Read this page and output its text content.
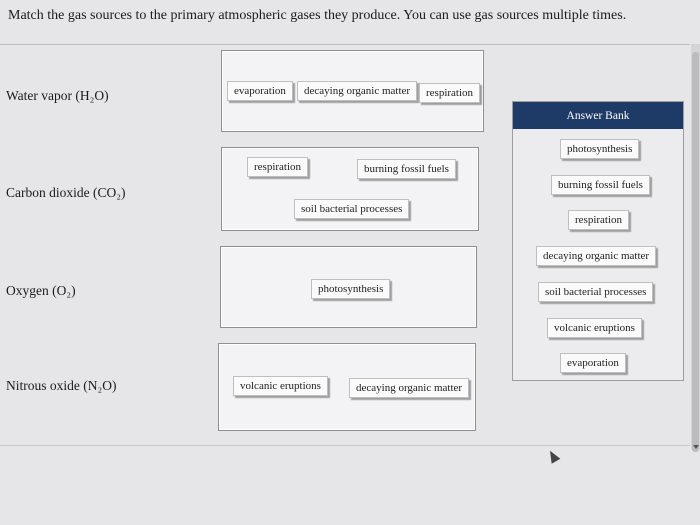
Match the gas sources to the primary atmospheric gases they produce. You can use gas sources multiple times.
Water vapor (H₂O)	evaporation	decaying organic matter	respiration
Carbon dioxide (CO₂)
respiration	burning fossil fuels
soil bacterial processes
Oxygen (O₂)	photosynthesis
Nitrous oxide (N₂O)	volcanic eruptions	decaying organic matter
Answer Bank
photosynthesis
burning fossil fuels
respiration
decaying organic matter
soil bacterial processes
volcanic eruptions
evaporation
